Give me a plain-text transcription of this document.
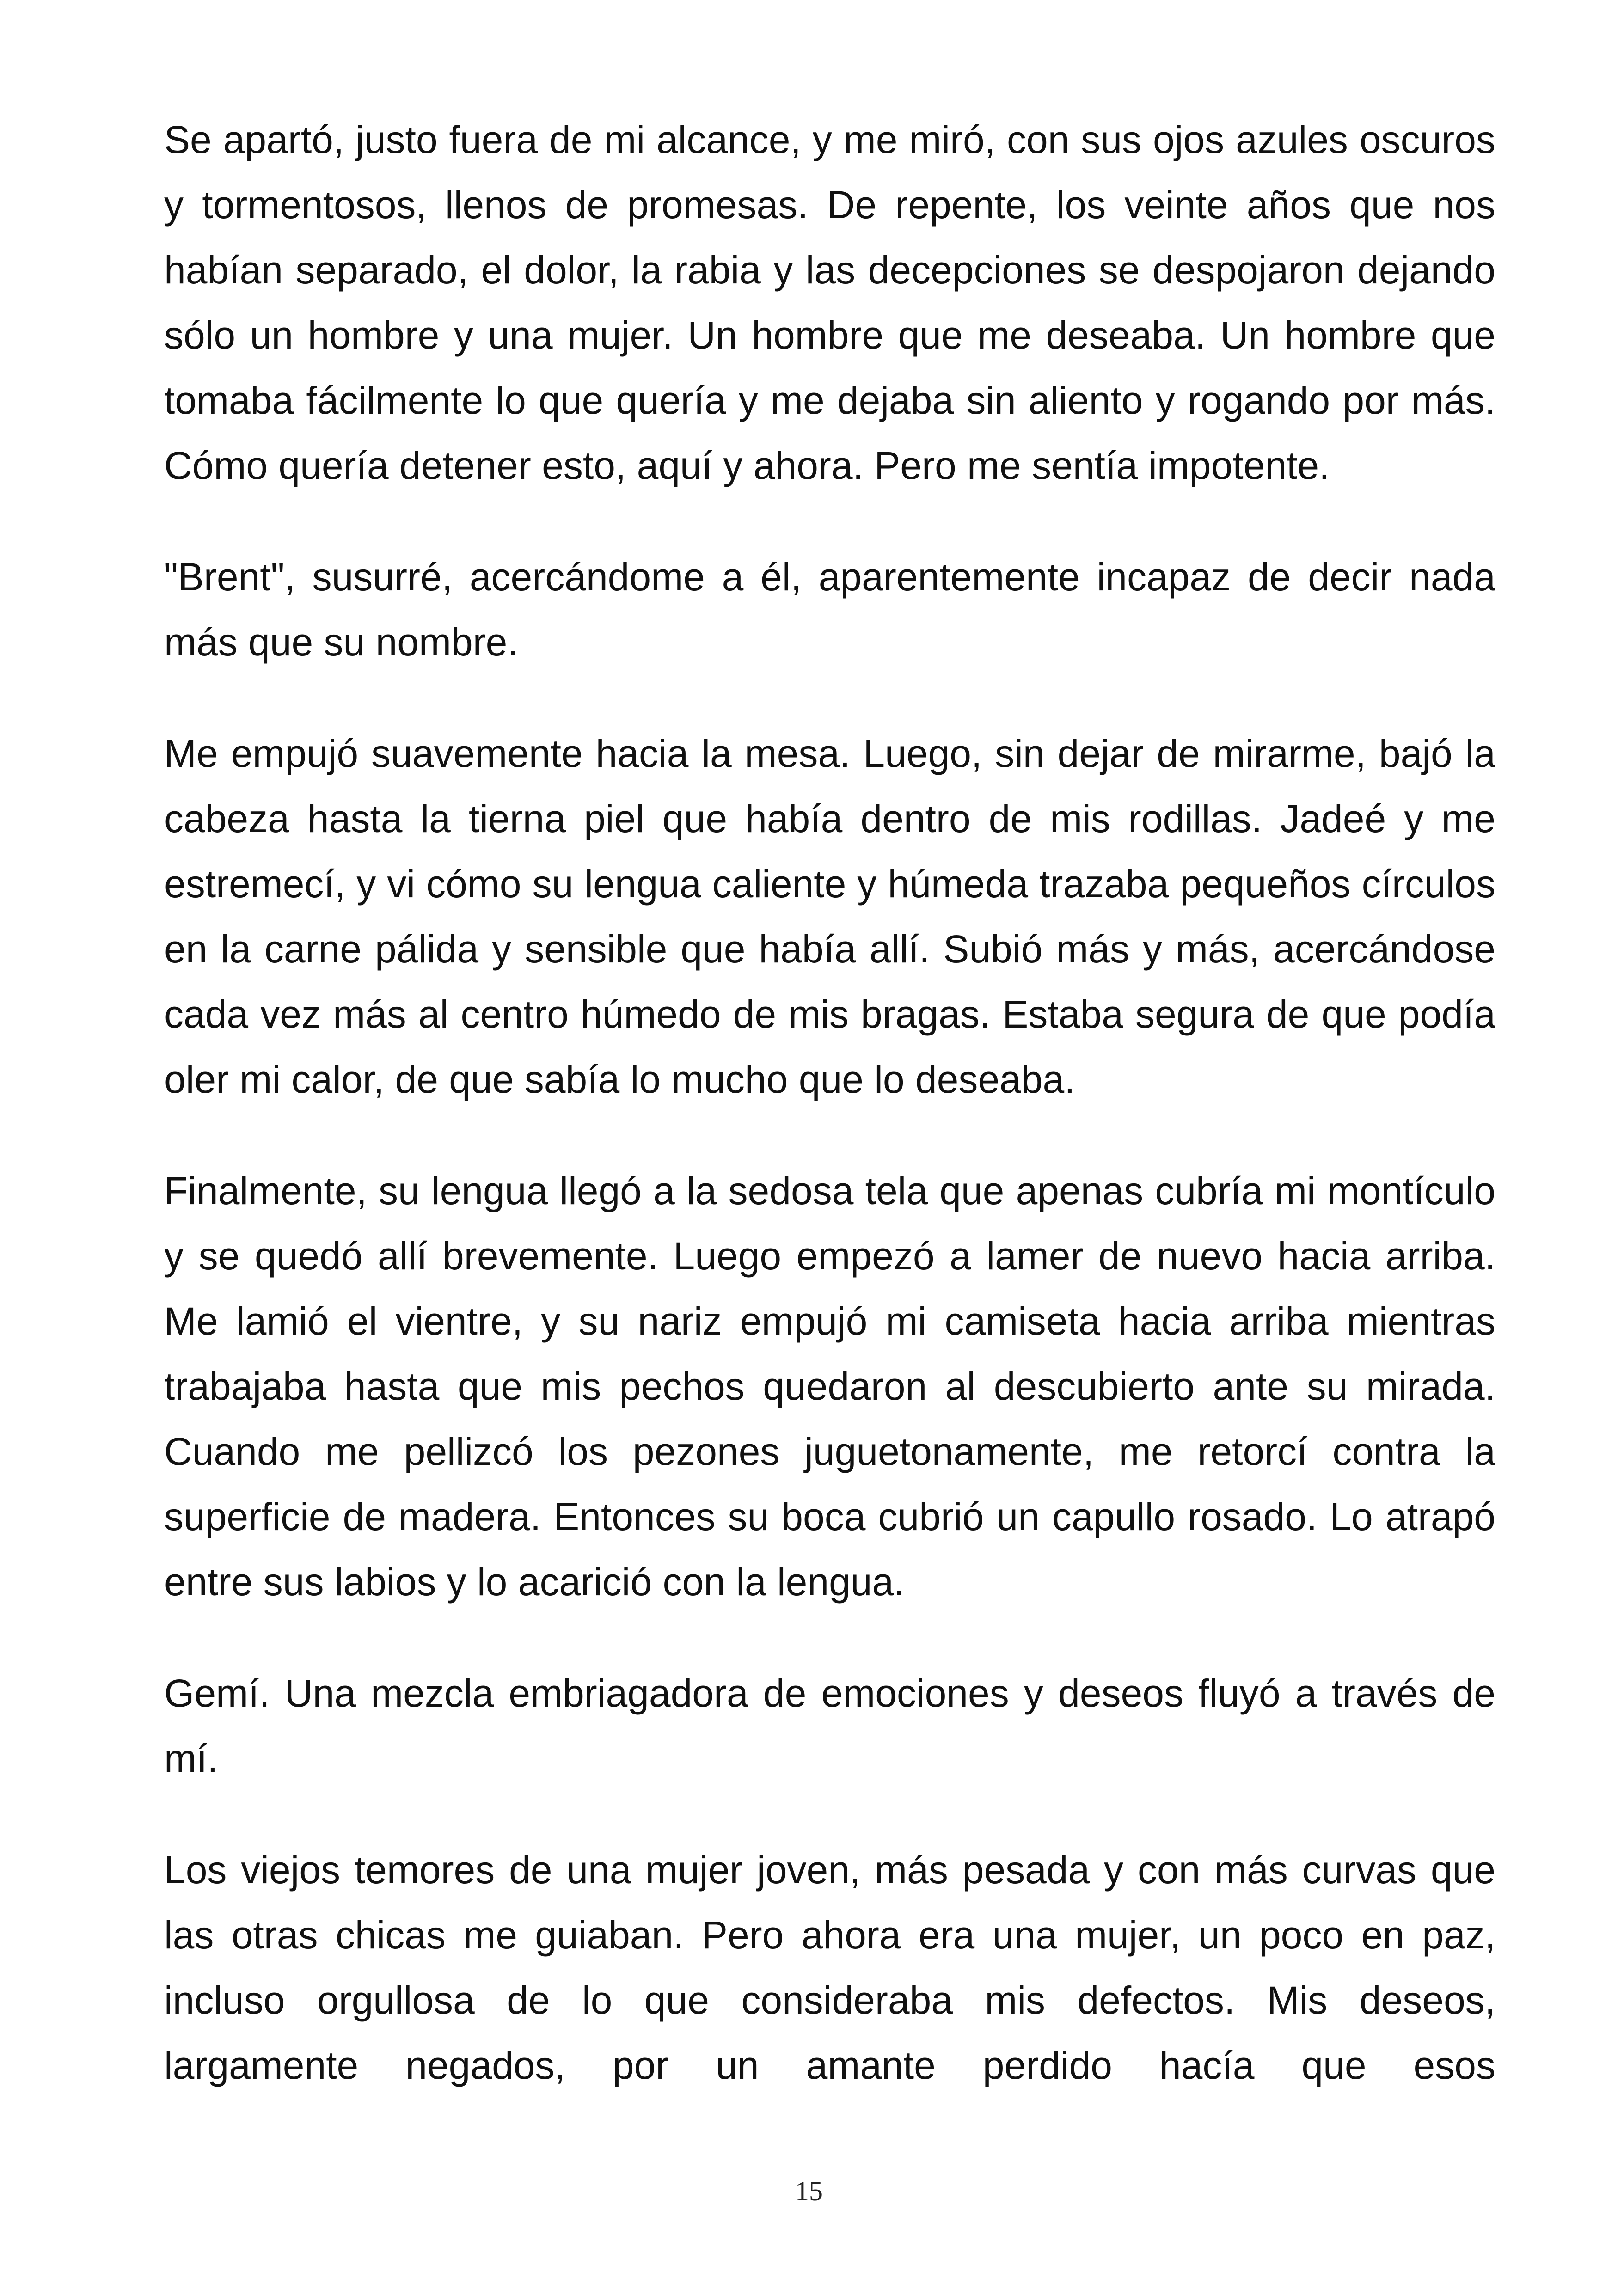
Se apartó, justo fuera de mi alcance, y me miró, con sus ojos azules oscuros y tormentosos, llenos de promesas. De repente, los veinte años que nos habían separado, el dolor, la rabia y las decepciones se despojaron dejando sólo un hombre y una mujer. Un hombre que me deseaba. Un hombre que tomaba fácilmente lo que quería y me dejaba sin aliento y rogando por más. Cómo quería detener esto, aquí y ahora. Pero me sentía impotente.

"Brent", susurré, acercándome a él, aparentemente incapaz de decir nada más que su nombre.

Me empujó suavemente hacia la mesa. Luego, sin dejar de mirarme, bajó la cabeza hasta la tierna piel que había dentro de mis rodillas. Jadeé y me estremecí, y vi cómo su lengua caliente y húmeda trazaba pequeños círculos en la carne pálida y sensible que había allí. Subió más y más, acercándose cada vez más al centro húmedo de mis bragas. Estaba segura de que podía oler mi calor, de que sabía lo mucho que lo deseaba.

Finalmente, su lengua llegó a la sedosa tela que apenas cubría mi montículo y se quedó allí brevemente. Luego empezó a lamer de nuevo hacia arriba. Me lamió el vientre, y su nariz empujó mi camiseta hacia arriba mientras trabajaba hasta que mis pechos quedaron al descubierto ante su mirada. Cuando me pellizcó los pezones juguetonamente, me retorcí contra la superficie de madera. Entonces su boca cubrió un capullo rosado. Lo atrapó entre sus labios y lo acarició con la lengua.

Gemí. Una mezcla embriagadora de emociones y deseos fluyó a través de mí.

Los viejos temores de una mujer joven, más pesada y con más curvas que las otras chicas me guiaban. Pero ahora era una mujer, un poco en paz, incluso orgullosa de lo que consideraba mis defectos. Mis deseos, largamente negados, por un amante perdido hacía que esos

15
